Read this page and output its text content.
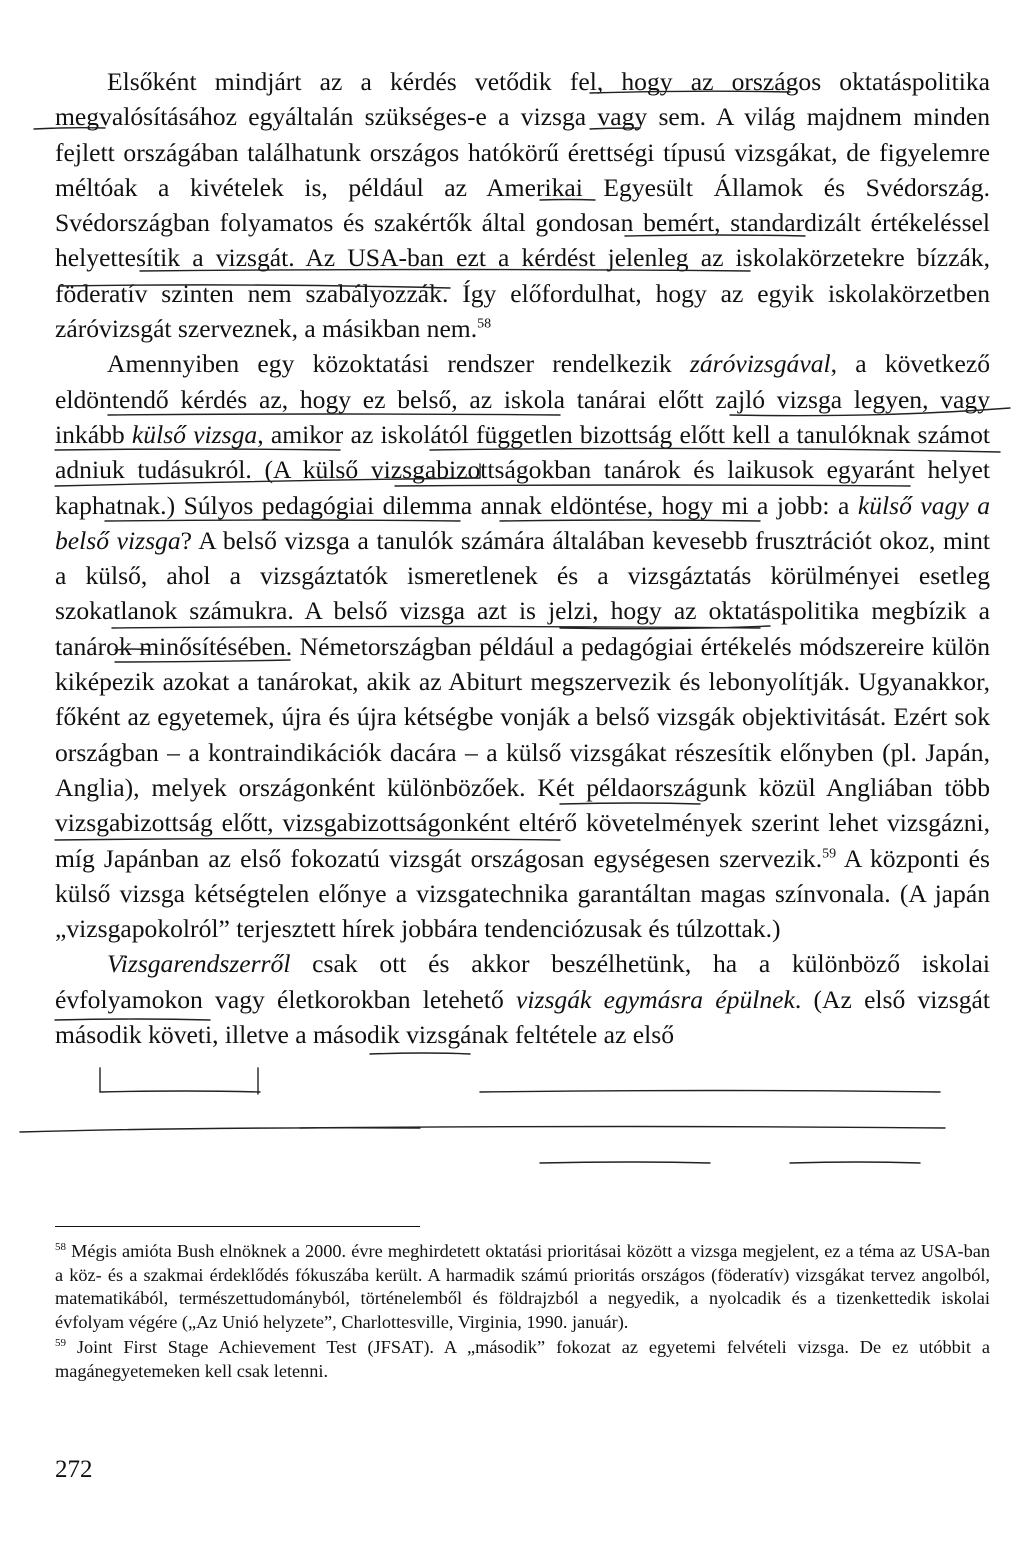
Elsőként mindjárt az a kérdés vetődik fel, hogy az országos oktatáspolitika megvalósításához egyáltalán szükséges-e a vizsga vagy sem. A világ majdnem minden fejlett országában találhatunk országos hatókörű érettségi típusú vizsgákat, de figyelemre méltóak a kivételek is, például az Amerikai Egyesült Államok és Svédország. Svédországban folyamatos és szakértők által gondosan bemért, standardizált értékeléssel helyettesítik a vizsgát. Az USA-ban ezt a kérdést jelenleg az iskolakörzetekre bízzák, föderatív szinten nem szabályozzák. Így előfordulhat, hogy az egyik iskolakörzetben záróvizsgát szerveznek, a másikban nem.$^{58}$

Amennyiben egy közoktatási rendszer rendelkezik záróvizsgával, a következő eldöntendő kérdés az, hogy ez belső, az iskola tanárai előtt zajló vizsga legyen, vagy inkább külső vizsga, amikor az iskolától független bizottság előtt kell a tanulóknak számot adniuk tudásukról. (A külső vizsgabizottságokban tanárok és laikusok egyaránt helyet kaphatnak.) Súlyos pedagógiai dilemma annak eldöntése, hogy mi a jobb: a külső vagy a belső vizsga? A belső vizsga a tanulók számára általában kevesebb frusztrációt okoz, mint a külső, ahol a vizsgáztatók ismeretlenek és a vizsgáztatás körülményei esetleg szokatlanok számukra. A belső vizsga azt is jelzi, hogy az oktatáspolitika megbízik a tanárok minősítésében. Németországban például a pedagógiai értékelés módszereire külön kiképezik azokat a tanárokat, akik az Abiturt megszervezik és lebonyolítják. Ugyanakkor, főként az egyetemek, újra és újra kétségbe vonják a belső vizsgák objektivitását. Ezért sok országban – a kontraindikációk dacára – a külső vizsgákat részesítik előnyben (pl. Japán, Anglia), melyek országonként különbözőek. Két példaországunk közül Angliában több vizsgabizottság előtt, vizsgabizottságonként eltérő követelmények szerint lehet vizsgázni, míg Japánban az első fokozatú vizsgát országosan egységesen szervezik.$^{59}$ A központi és külső vizsga kétségtelen előnye a vizsgatechnika garantáltan magas színvonala. (A japán „vizsgapokolról” terjesztett hírek jobbára tendenciózusak és túlzottak.)

Vizsgarendszerről csak ott és akkor beszélhetünk, ha a különböző iskolai évfolyamokon vagy életkorokban letehető vizsgák egymásra épülnek. (Az első vizsgát második követi, illetve a második vizsgának feltétele az első

$^{58}$ Mégis amióta Bush elnöknek a 2000. évre meghirdetett oktatási prioritásai között a vizsga megjelent, ez a téma az USA-ban a köz- és a szakmai érdeklődés fókuszába került. A harmadik számú prioritás országos (föderatív) vizsgákat tervez angolból, matematikából, természettudományból, történelemből és földrajzból a negyedik, a nyolcadik és a tizenkettedik iskolai évfolyam végére („Az Unió helyzete”, Charlottesville, Virginia, 1990. január).

$^{59}$ Joint First Stage Achievement Test (JFSAT). A „második” fokozat az egyetemi felvételi vizsga. De ez utóbbit a magánegyetemeken kell csak letenni.

272
